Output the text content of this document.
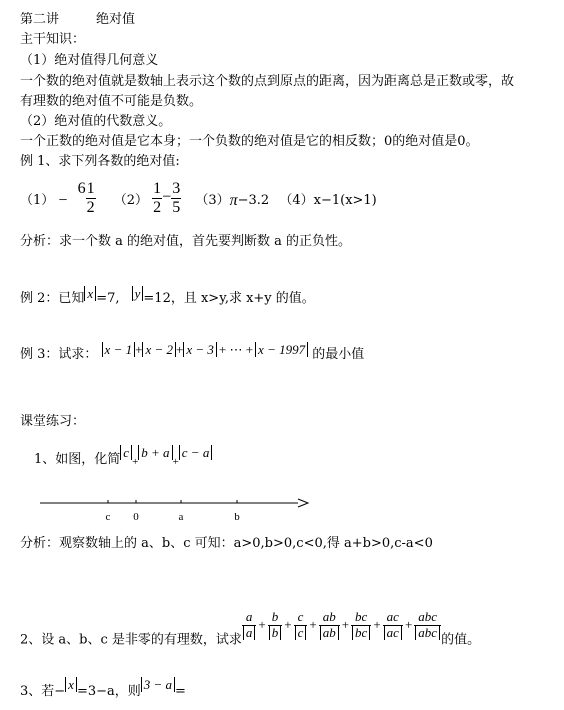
第二讲	绝对值
主干知识：
（1）绝对值得几何意义
一个数的绝对值就是数轴上表示这个数的点到原点的距离，因为距离总是正数或零，故
有理数的绝对值不可能是负数。
（2）绝对值的代数意义。
一个正数的绝对值是它本身；一个负数的绝对值是它的相反数；0的绝对值是0。
例 1、求下列各数的绝对值:
$(1) - 6 \frac{1}{2} (2) \frac{1}{2} - \frac{3}{5} (3)\pi-3.2$ （4）x−1(x>1)
分析：求一个数 a 的绝对值，首先要判断数 a 的正负性。
例 2：已知 x =7, y =12，且 x>y,求 x+y 的值。
例 3：试求： x − 1 + x − 2 + x − 3 + ⋯ + x − 1997 的最小值
课堂练习：
1、如图，化简 $c_+b + a_+c - a$
c 0	a	b
分析：观察数轴上的 a、b、c 可知：a>0,b>0,c<0,得 a+b>0,c-a<0
2、设 a、b、c 是非零的有理数，试求
$\frac{a}{a} + \frac{b}{b} + \frac{c}{c} + \frac{ab}{ab} + \frac{bc}{bc} + \frac{ac}{ac} + \frac{\text{abc}}{\text{abc}}$
的值。
3、若− x =3−a，则 3 − a =
